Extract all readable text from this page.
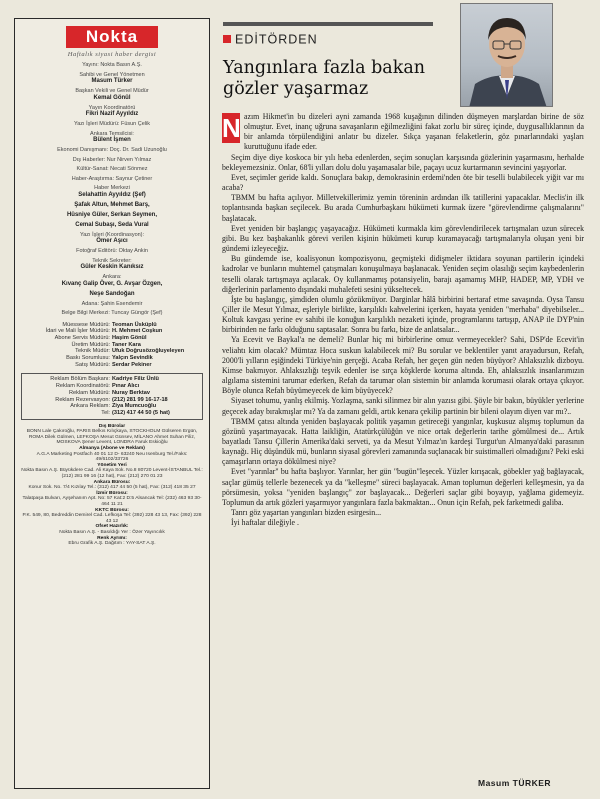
Nokta
Haftalık siyasi haber dergisi
Yayını: Nokta Basın A.Ş.
Sahibi ve Genel Yönetmen
Masum Türker
Başkan Vekili ve Genel Müdür
Kemal Gönül
Yayın Koordinatörü
Fikri Nazif Ayyıldız
Yazı İşleri Müdürü: Füsun Çelik
Ankara Temsilcisi:
Bülent İşmen
Ekonomi Danışmanı: Doç. Dr. Sadi Uzunoğlu
Dış Haberler: Nur Nirven Yılmaz
Kültür-Sanat: Necati Sönmez
Haber-Araştırma: Saynur Çetiner
Haber Merkezi
Selahattin Ayyıldız (Şef)
Şafak Altun, Mehmet Barş,
Hüsniye Güler, Serkan Seymen,
Cemal Subaşı, Seda Vural
Yazı İşleri (Koordinasyon):
Ömer Aşıcı
Fotoğraf Editörü: Oktay Ankin
Teknik Sekreter:
Güler Keskin Kanıksız
Ankara:
Kıvanç Galip Över, G. Avşar Özgen,
Neşe Sandoğan
Adana: Şahin Esendemir
Belge Bilgi Merkezi: Tuncay Güngör (Şef)
Müessese Müdürü: Teoman Üsküplü
İdari ve Mali İşler Müdürü: H. Mehmet Coşkun
Abone Servis Müdürü: Haşim Gönül
Üretim Müdürü: Taner Kara
Teknik Müdür: Ufuk Doğrusözoğluyeleyen
Baskı Sorumlusu: Yalçın Sevindik
Satış Müdürü: Serdar Pekiner
Reklam Bölüm Başkanı: Kadriye Filiz Ünlü
Reklam Koordinatörü: Pınar Alıcı
Reklam Müdürü: Nuray Berktav
Reklam Rezervasyon: (212) 281 99 16-17-18
Ankara Reklam: Ziya Mumcuoğlu
Tel: (312) 417 44 50 (5 hat)
Dış Bürolar
BONN Lale Çakıroğlu, PARIS Belkıs Kılıçkaya, STOCKHOLM Gülseren Ergün, ROMA Dilek Gülmen, LEFKOŞA Mesut Günsev, MİLANO Ahmet Suhan Filiz, MOSKOVA Şener Levent, LONDRA Faruk Eskioğlu
Almanya (Abone ve Reklam)
A.G.A Marketing Postfach 40 01 12 D- 63240 Neu Isenburg Tel./Faks: 49/6102/33726
Yönetim Yeri
Nokta Basın A.Ş. Büyükdere Cad. Ali Kaya Sok. No.8 80720 Levent-İSTANBUL Tel.: (212) 281 99 16 (12 hat), Fax: (212) 270 01 23
Ankara Bürosu:
Konur Sok. No. 7/4 Kızılay Tel.: (312) 417 44 50 (5 hat), Fax: (312) 418 35 27
İzmir Bürosu:
Talatpaşa Bulvarı, Ayşehanım Apt. No: 57 Kat:2 D:5 Alsancak Tel: (232) 463 93 30-464 11 21
KKTC Bürosu:
P.K. 549, 80, Bedreddin Demirel Cad. Lefkoşa Tel: (392) 228 43 13, Fax: (392) 228 43 12
Ofset Hazırlık:
Nokta Basın A.Ş. - Basıldığı Yer : Özer Yayıncılık
Renk Ayrımı:
Ebru Grafik A.Ş. Dağıtım : YAY-SAT A.Ş.
EDİTÖRDEN
Yangınlara fazla bakan gözler yaşarmaz

N azım Hikmet'in bu dizeleri ayni zamanda 1968 kuşağının dilinden düşmeyen marşlardan birine de söz olmuştur. Evet, inanç uğruna savaşanların eğilmezliğini fakat zorlu bir süreç içinde, duygusallıklarının da bir anlamda törpülendiğini anlatır bu dizeler. Sıkça yaşanan felaketlerin, göz pınarlarındaki yaşları kuruttuğunu ifade eder.

Seçim diye diye koskoca bir yılı heba edenlerden, seçim sonuçları karşısında gözlerinin yaşarmasını, herhalde bekleyemezsiniz. Onlar, 68'li yılları dolu dolu yaşamasalar bile, paçayı ucuz kurtarmanın sevincini yaşıyorlar.

Evet, seçimler geride kaldı. Sonuçlara bakıp, demokrasinin erdemi'nden öte bir teselli bulabilecek yiğit var mı acaba?

TBMM bu hafta açılıyor. Milletvekillerimiz yemin töreninin ardından ilk tatillerini yapacaklar. Meclis'in ilk toplantısında başkan seçilecek. Bu arada Cumhurbaşkanı hükümeti kurmak üzere "görevlendirme çalışmalarını" başlatacak.

Evet yeniden bir başlangıç yaşayacağız. Hükümeti kurmakla kim görevlendirilecek tartışmaları uzun sürecek gibi. Bu kez başbakanlık görevi verilen kişinin hükümeti kurup kuramayacağı tartışmalarıyla oluşan yeni bir gündemi izleyeceğiz.

Bu gündemde ise, koalisyonun kompozisyonu, geçmişteki didişmeler iktidara soyunan partilerin içindeki kadrolar ve bunların muhtemel çatışmaları konuşulmaya başlanacak. Yeniden seçim olasılığı seçim kaybedenlerin teselli olarak tartışmaya açılacak. Oy kullanmamış potansiyelin, barajı aşamamış MHP, HADEP, MP, YDH ve diğerlerinin parlamento dışındaki muhalefeti sesini yükseltecek.

İşte bu başlangıç, şimdiden olumlu gözükmüyor. Darginlar hâlâ birbirini bertaraf etme savaşında. Oysa Tansu Çiller ile Mesut Yılmaz, eşleriyle birlikte, karşılıklı kahvelerini içerken, hayata yeniden "merhaba" diyebilseler... Koltuk kavgası yerine ev sahibi ile konuğun karşılıklı nezaketi içinde, programlarını tartışıp, ANAP ile DYP'nin birbirinden ne farkı olduğunu saptasalar. Sonra bu farkı, bize de anlatsalar...

Ya Ecevit ve Baykal'a ne demeli? Bunlar hiç mi birbirlerine omuz vermeyecekler? Sahi, DSP'de Ecevit'in veliahtı kim olacak? Mümtaz Hoca suskun kalabilecek mi? Bu sorular ve beklentiler yanıt arayadursun, Refah, 2000'li yılların eşiğindeki Türkiye'nin gerçeği. Acaba Refah, her geçen gün neden büyüyor? Ahlaksızlık dizboyu. Kimse bakmıyor. Ahlaksızlığı teşvik edenler ise sırça köşklerde koruma altında. Eh, ahlaksızlık insanlarımızın algılama sistemini tarumar ederken, Refah da tarumar olan sistemin bir anlamda korumasıi olarak ortaya çıkıyor. Böyle olunca Refah büyümeyecek de kim büyüyecek?

Siyaset tohumu, yanlış ekilmiş. Yozlaşma, sanki silinmez bir alın yazısı gibi. Şöyle bir bakın, büyükler yerlerine geçecek aday bırakmışlar mı? Ya da zamanı geldi, artık kenara çekilip partinin bir bileni olayım diyen var mı?..

TBMM çatısı altında yeniden başlayacak politik yaşamın getireceği yangınlar, kuşkusuz alışmış toplumun da gözünü yaşartmayacak. Hatta laikliğin, Atatürkçülüğün ve nice ortak değerlerin tarihe gömülmesi de... Artık bayatladı Tansu Çillerin Amerika'daki serveti, ya da Mesut Yılmaz'ın kardeşi Turgut'un Almanya'daki parasının kaynağı. Hiç düşündük mü, bunların siyasal görevleri zamanında suçlanacak bir suistimalleri olmadığını? Peki eski çamaşırların ortaya dökülmesi niye?

Evet "yarınlar" bu hafta başlıyor. Yarınlar, her gün "bugün"leşecek. Yüzler kırışacak, göbekler yağ bağlayacak, saçlar gümüş tellerle bezenecek ya da "kelleşme" süreci başlayacak. Aman toplumun değerleri kelleşmesin, ya da pörsümesin, yoksa "yeniden başlangıç" zor başlayacak... Değerleri saçlar gibi boyayıp, yağlama gidemeyiz. Toplumun da artık gözleri yaşarmıyor yangınlara fazla bakmaktan... Onun için Refah, pek farketmedi galiba.

Tanrı göz yaşartan yangınları bizden esirgesin...

İyi haftalar dileğiyle .

Masum TÜRKER
